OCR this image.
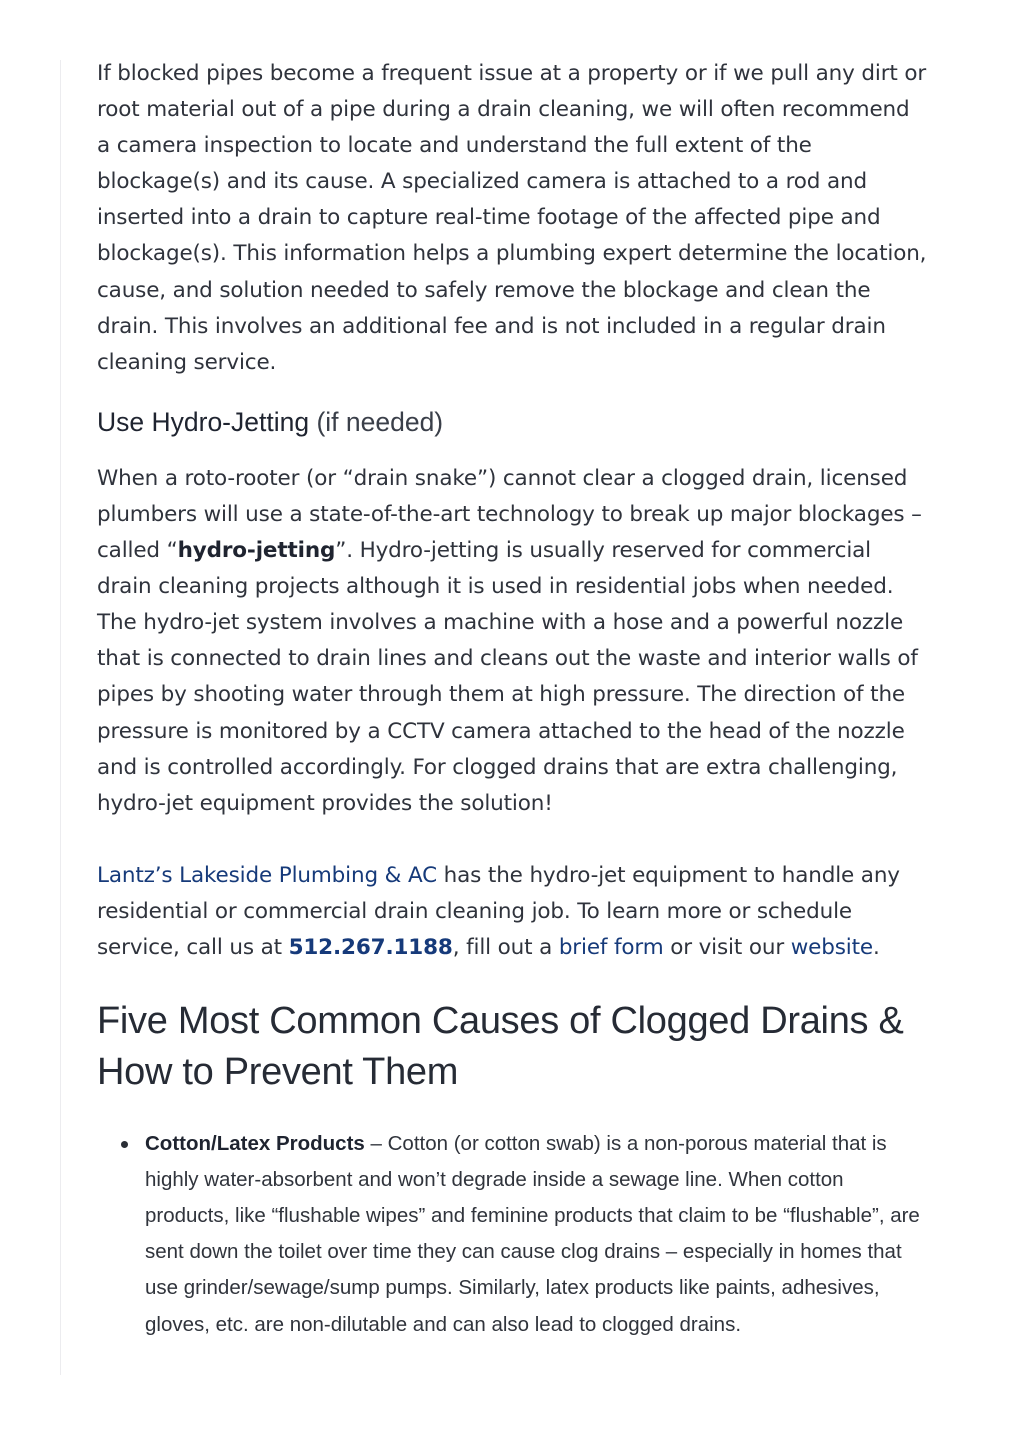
If blocked pipes become a frequent issue at a property or if we pull any dirt or root material out of a pipe during a drain cleaning, we will often recommend a camera inspection to locate and understand the full extent of the blockage(s) and its cause. A specialized camera is attached to a rod and inserted into a drain to capture real-time footage of the affected pipe and blockage(s). This information helps a plumbing expert determine the location, cause, and solution needed to safely remove the blockage and clean the drain. This involves an additional fee and is not included in a regular drain cleaning service.

Use Hydro-Jetting (if needed)

When a roto-rooter (or “drain snake”) cannot clear a clogged drain, licensed plumbers will use a state-of-the-art technology to break up major blockages – called “hydro-jetting”. Hydro-jetting is usually reserved for commercial drain cleaning projects although it is used in residential jobs when needed. The hydro-jet system involves a machine with a hose and a powerful nozzle that is connected to drain lines and cleans out the waste and interior walls of pipes by shooting water through them at high pressure. The direction of the pressure is monitored by a CCTV camera attached to the head of the nozzle and is controlled accordingly. For clogged drains that are extra challenging, hydro-jet equipment provides the solution!

Lantz’s Lakeside Plumbing & AC has the hydro-jet equipment to handle any residential or commercial drain cleaning job. To learn more or schedule service, call us at 512.267.1188, fill out a brief form or visit our website.

Five Most Common Causes of Clogged Drains & How to Prevent Them
Cotton/Latex Products – Cotton (or cotton swab) is a non-porous material that is highly water-absorbent and won’t degrade inside a sewage line. When cotton products, like “flushable wipes” and feminine products that claim to be “flushable”, are sent down the toilet over time they can cause clog drains – especially in homes that use grinder/sewage/sump pumps. Similarly, latex products like paints, adhesives, gloves, etc. are non-dilutable and can also lead to clogged drains.
